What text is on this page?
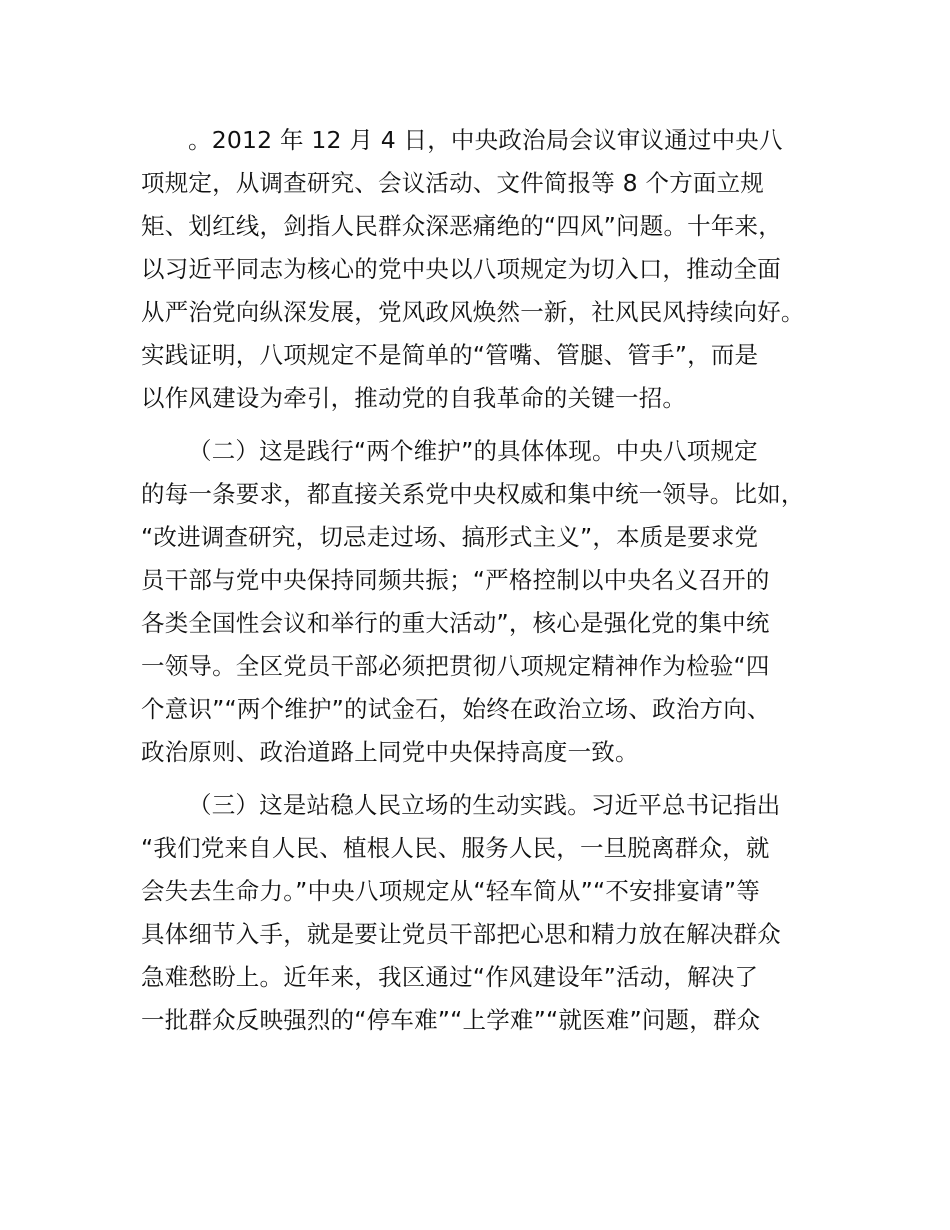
。2012 年 12 月 4 日，中央政治局会议审议通过中央八
项规定，从调查研究、会议活动、文件简报等 8 个方面立规
矩、划红线，剑指人民群众深恶痛绝的“四风”问题。十年来，
以习近平同志为核心的党中央以八项规定为切入口，推动全面
从严治党向纵深发展，党风政风焕然一新，社风民风持续向好。
实践证明，八项规定不是简单的“管嘴、管腿、管手”，而是
以作风建设为牵引，推动党的自我革命的关键一招。
（二）这是践行“两个维护”的具体体现。中央八项规定
的每一条要求，都直接关系党中央权威和集中统一领导。比如，
“改进调查研究，切忌走过场、搞形式主义”，本质是要求党
员干部与党中央保持同频共振；“严格控制以中央名义召开的
各类全国性会议和举行的重大活动”，核心是强化党的集中统
一领导。全区党员干部必须把贯彻八项规定精神作为检验“四
个意识”“两个维护”的试金石，始终在政治立场、政治方向、
政治原则、政治道路上同党中央保持高度一致。
（三）这是站稳人民立场的生动实践。习近平总书记指出
“我们党来自人民、植根人民、服务人民，一旦脱离群众，就
会失去生命力。”中央八项规定从“轻车简从”“不安排宴请”等
具体细节入手，就是要让党员干部把心思和精力放在解决群众
急难愁盼上。近年来，我区通过“作风建设年”活动，解决了
一批群众反映强烈的“停车难”“上学难”“就医难”问题，群众
